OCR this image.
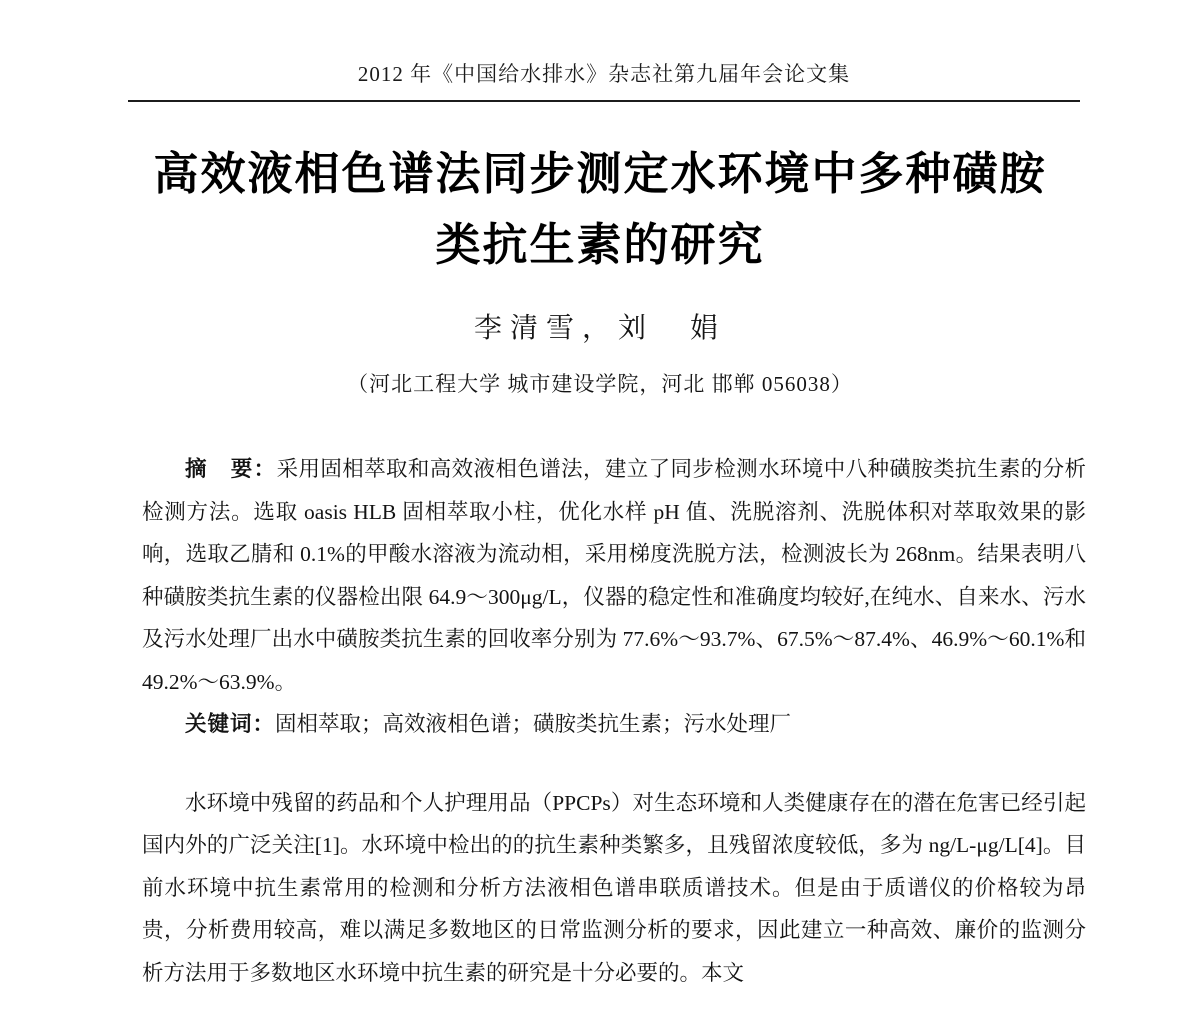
2012 年《中国给水排水》杂志社第九届年会论文集
高效液相色谱法同步测定水环境中多种磺胺
类抗生素的研究
李清雪，刘　娟
（河北工程大学 城市建设学院，河北 邯郸 056038）

摘　要：采用固相萃取和高效液相色谱法，建立了同步检测水环境中八种磺胺类抗生素的分析检测方法。选取 oasis HLB 固相萃取小柱，优化水样 pH 值、洗脱溶剂、洗脱体积对萃取效果的影响，选取乙腈和 0.1%的甲酸水溶液为流动相，采用梯度洗脱方法，检测波长为 268nm。结果表明八种磺胺类抗生素的仪器检出限 64.9～300μg/L，仪器的稳定性和准确度均较好,在纯水、自来水、污水及污水处理厂出水中磺胺类抗生素的回收率分别为 77.6%～93.7%、67.5%～87.4%、46.9%～60.1%和 49.2%～63.9%。

关键词：固相萃取；高效液相色谱；磺胺类抗生素；污水处理厂

水环境中残留的药品和个人护理用品（PPCPs）对生态环境和人类健康存在的潜在危害已经引起国内外的广泛关注[1]。水环境中检出的的抗生素种类繁多，且残留浓度较低，多为 ng/L-μg/L[4]。目前水环境中抗生素常用的检测和分析方法液相色谱串联质谱技术。但是由于质谱仪的价格较为昂贵，分析费用较高，难以满足多数地区的日常监测分析的要求，因此建立一种高效、廉价的监测分析方法用于多数地区水环境中抗生素的研究是十分必要的。本文
